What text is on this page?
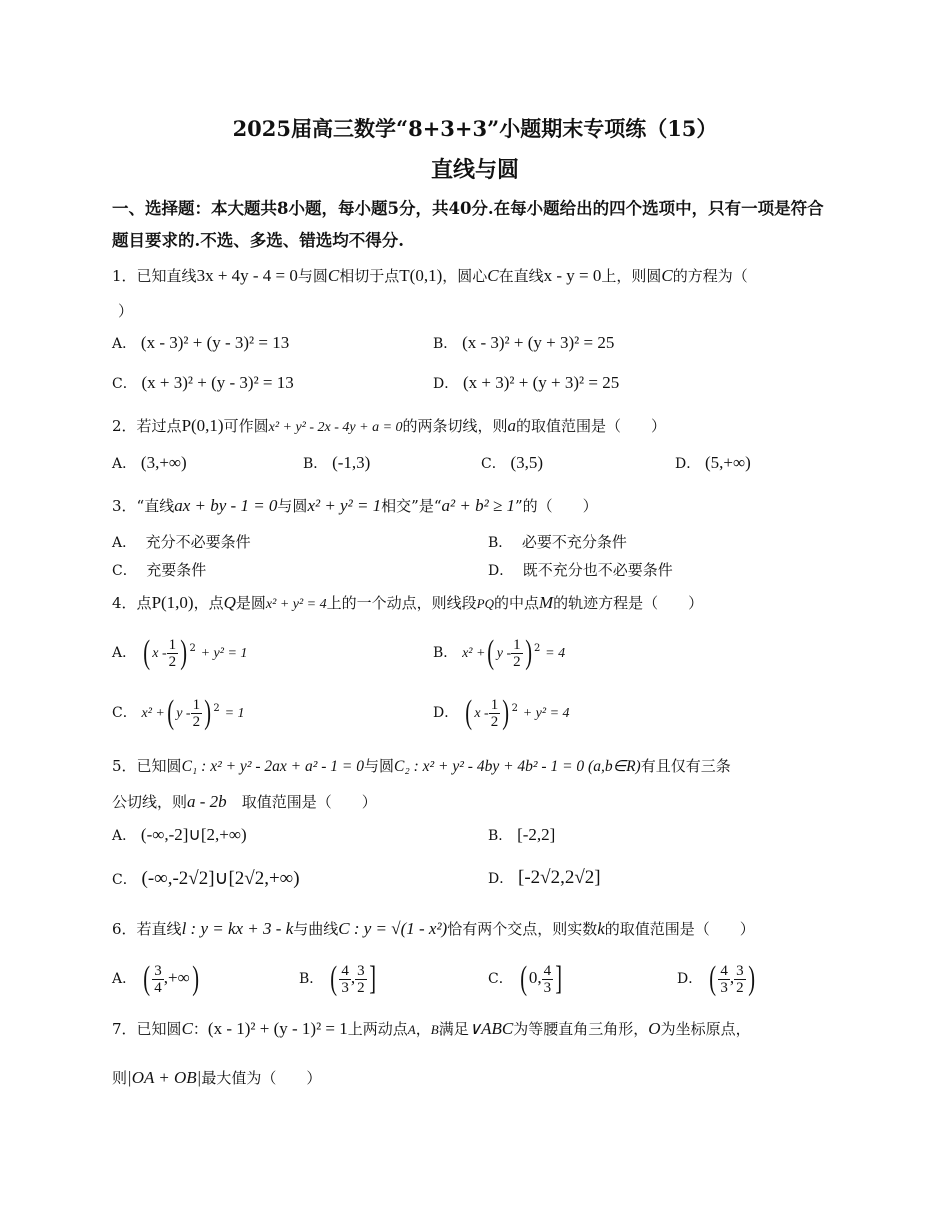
2025届高三数学“8+3+3”小题期末专项练（15）
直线与圆
一、选择题：本大题共8小题，每小题5分，共40分.在每小题给出的四个选项中，只有一项是符合题目要求的.不选、多选、错选均不得分.
1．已知直线3x + 4y - 4 = 0与圆C相切于点T(0,1)，圆心C在直线x - y = 0上，则圆C的方程为（
）
A． (x - 3)² + (y - 3)² = 13	B． (x - 3)² + (y + 3)² = 25
C． (x + 3)² + (y - 3)² = 13	D． (x + 3)² + (y + 3)² = 25
2．若过点P(0,1)可作圆x² + y² - 2x - 4y + a = 0的两条切线，则a的取值范围是（　　）
A． (3,+∞)	B． (-1,3)	C． (3,5)	D． (5,+∞)
3．“直线ax + by - 1 = 0与圆x² + y² = 1相交”是“a² + b² ≥ 1”的（　　）
A． 充分不必要条件	B． 必要不充分条件
C． 充要条件	D． 既不充分也不必要条件
4．点P(1,0)，点Q是圆x² + y² = 4上的一个动点，则线段PQ的中点M的轨迹方程是（　　）
A． ( x - $\frac{1}{2}$ ) $^2$ + y² = 1	B． x² +( y - $\frac{1}{2}$ ) $^2$ = 4
C． x² +( y - $\frac{1}{2}$ ) $^2$ = 1	D． ( x - $\frac{1}{2}$ ) $^2$ + y² = 4
5．已知圆C₁ : x² + y² - 2ax + a² - 1 = 0与圆C₂ : x² + y² - 4by + 4b² - 1 = 0 (a,b∈R)有且仅有三条
公切线，则a - 2b　取值范围是（　　）
A． (-∞,-2]∪[2,+∞)	B． [-2,2]
C． (-∞,-2√2]∪[2√2,+∞)	D． [-2√2,2√2]
6．若直线l : y = kx + 3 - k与曲线C : y = √(1 - x²)恰有两个交点，则实数k的取值范围是（　　）
A． ( $\frac{3}{4}$ ,+∞)	B． ( $\frac{4}{3}$ , $\frac{3}{2}$ ]	C． ( 0, $\frac{4}{3}$ ]	D． ( $\frac{4}{3}$ , $\frac{3}{2}$ )
7．已知圆C：(x - 1)² + (y - 1)² = 1上两动点A，B满足∨ABC为等腰直角三角形，O为坐标原点，
则|OA + OB|最大值为（　　）
